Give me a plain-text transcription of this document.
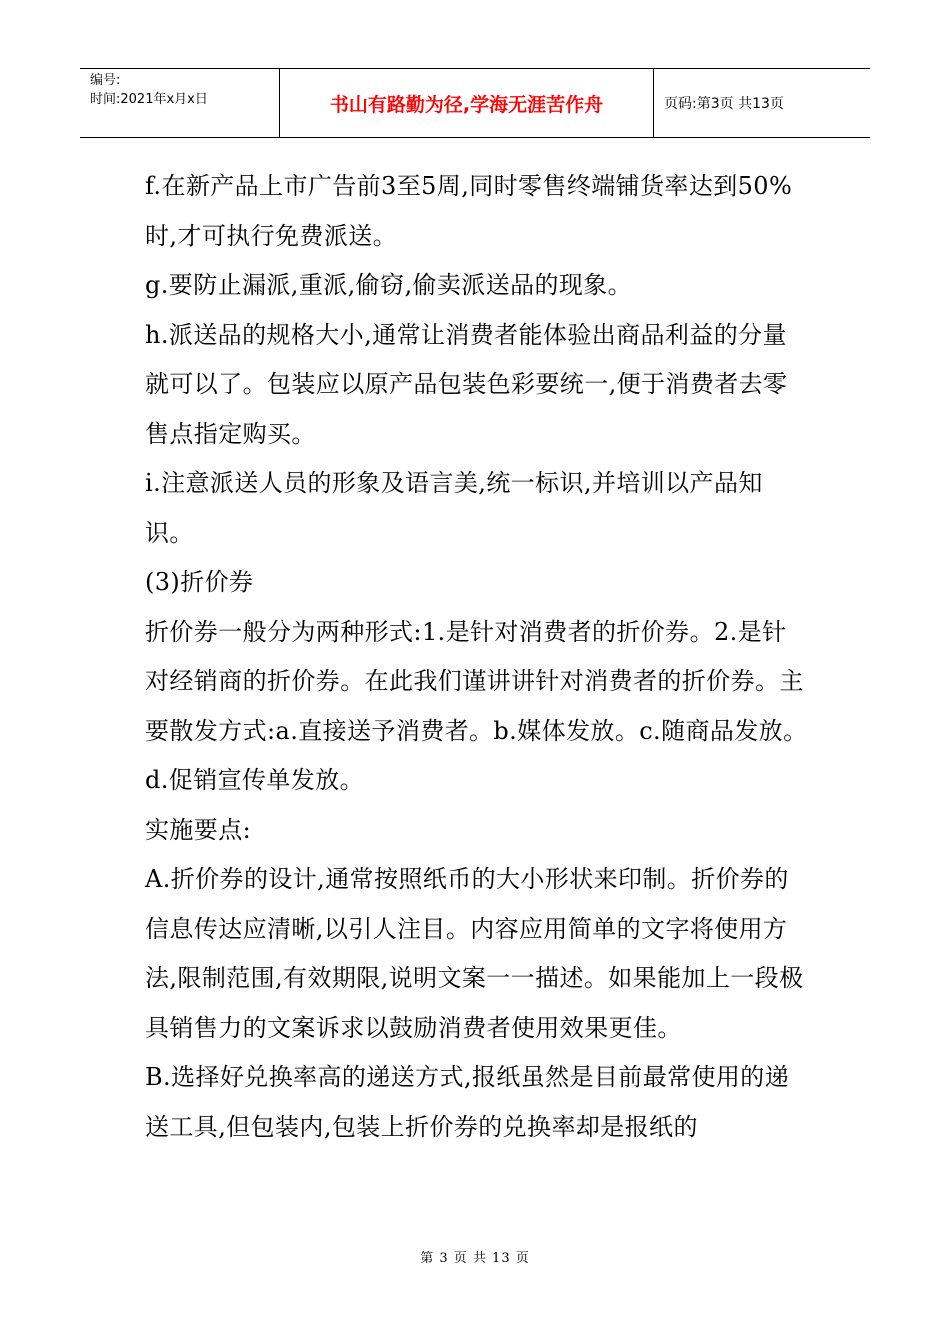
编号:
时间:2021年x月x日	书山有路勤为径,学海无涯苦作舟	页码:第3页 共13页

f.在新产品上市广告前3至5周,同时零售终端铺货率达到50%时,才可执行免费派送。

g.要防止漏派,重派,偷窃,偷卖派送品的现象。

h.派送品的规格大小,通常让消费者能体验出商品利益的分量就可以了。包装应以原产品包装色彩要统一,便于消费者去零售点指定购买。

i.注意派送人员的形象及语言美,统一标识,并培训以产品知识。

(3)折价券

折价券一般分为两种形式:1.是针对消费者的折价券。2.是针对经销商的折价券。在此我们谨讲讲针对消费者的折价券。主要散发方式:a.直接送予消费者。b.媒体发放。c.随商品发放。d.促销宣传单发放。

实施要点:

A.折价券的设计,通常按照纸币的大小形状来印制。折价券的信息传达应清晰,以引人注目。内容应用简单的文字将使用方法,限制范围,有效期限,说明文案一一描述。如果能加上一段极具销售力的文案诉求以鼓励消费者使用效果更佳。

B.选择好兑换率高的递送方式,报纸虽然是目前最常使用的递送工具,但包装内,包装上折价券的兑换率却是报纸的

第 3 页 共 13 页
